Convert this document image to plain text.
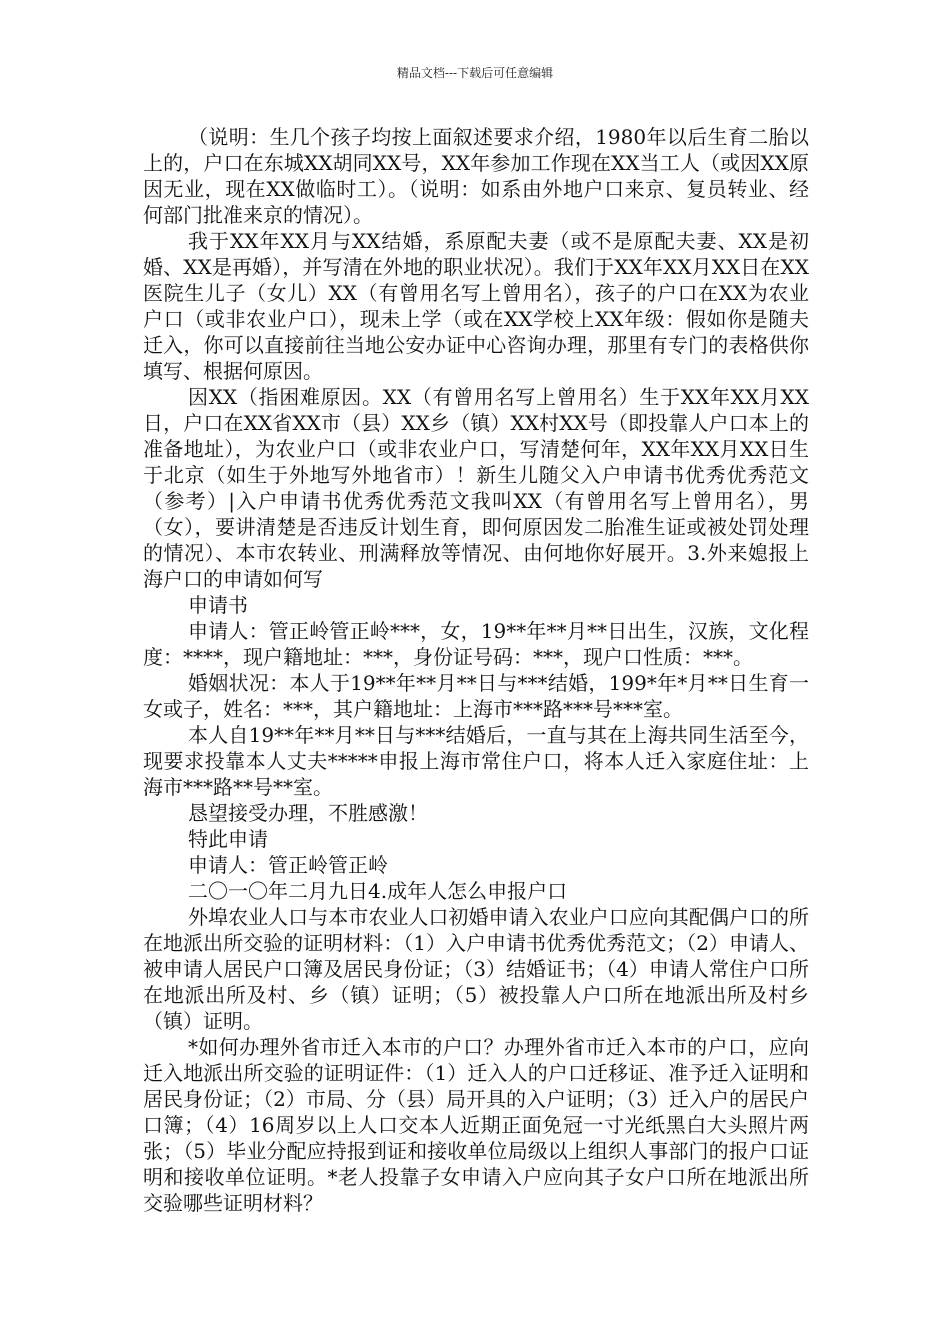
精品文档---下载后可任意编辑

（说明：生几个孩子均按上面叙述要求介绍，1980年以后生育二胎以上的，户口在东城XX胡同XX号，XX年参加工作现在XX当工人（或因XX原因无业，现在XX做临时工）。（说明：如系由外地户口来京、复员转业、经何部门批准来京的情况）。

我于XX年XX月与XX结婚，系原配夫妻（或不是原配夫妻、XX是初婚、XX是再婚），并写清在外地的职业状况）。我们于XX年XX月XX日在XX医院生儿子（女儿）XX（有曾用名写上曾用名），孩子的户口在XX为农业户口（或非农业户口），现未上学（或在XX学校上XX年级：假如你是随夫迁入，你可以直接前往当地公安办证中心咨询办理，那里有专门的表格供你填写、根据何原因。

因XX（指困难原因。XX（有曾用名写上曾用名）生于XX年XX月XX日，户口在XX省XX市（县）XX乡（镇）XX村XX号（即投靠人户口本上的准备地址），为农业户口（或非农业户口，写清楚何年，XX年XX月XX日生于北京（如生于外地写外地省市）！新生儿随父入户申请书优秀优秀范文（参考）|入户申请书优秀优秀范文我叫XX（有曾用名写上曾用名），男（女），要讲清楚是否违反计划生育，即何原因发二胎准生证或被处罚处理的情况）、本市农转业、刑满释放等情况、由何地你好展开。3.外来媳报上海户口的申请如何写

申请书

申请人：管正岭管正岭***，女，19**年**月**日出生，汉族，文化程度：****，现户籍地址：***，身份证号码：***，现户口性质：***。

婚姻状况：本人于19**年**月**日与***结婚，199*年*月**日生育一女或子，姓名：***，其户籍地址：上海市***路***号***室。

本人自19**年**月**日与***结婚后，一直与其在上海共同生活至今，现要求投靠本人丈夫*****申报上海市常住户口，将本人迁入家庭住址：上海市***路**号**室。

恳望接受办理，不胜感激！

特此申请

申请人：管正岭管正岭

二〇一〇年二月九日4.成年人怎么申报户口

外埠农业人口与本市农业人口初婚申请入农业户口应向其配偶户口的所在地派出所交验的证明材料：（1）入户申请书优秀优秀范文；（2）申请人、被申请人居民户口簿及居民身份证；（3）结婚证书；（4）申请人常住户口所在地派出所及村、乡（镇）证明；（5）被投靠人户口所在地派出所及村乡（镇）证明。

*如何办理外省市迁入本市的户口？办理外省市迁入本市的户口，应向迁入地派出所交验的证明证件：（1）迁入人的户口迁移证、准予迁入证明和居民身份证；（2）市局、分（县）局开具的入户证明；（3）迁入户的居民户口簿；（4）16周岁以上人口交本人近期正面免冠一寸光纸黑白大头照片两张；（5）毕业分配应持报到证和接收单位局级以上组织人事部门的报户口证明和接收单位证明。*老人投靠子女申请入户应向其子女户口所在地派出所交验哪些证明材料？
